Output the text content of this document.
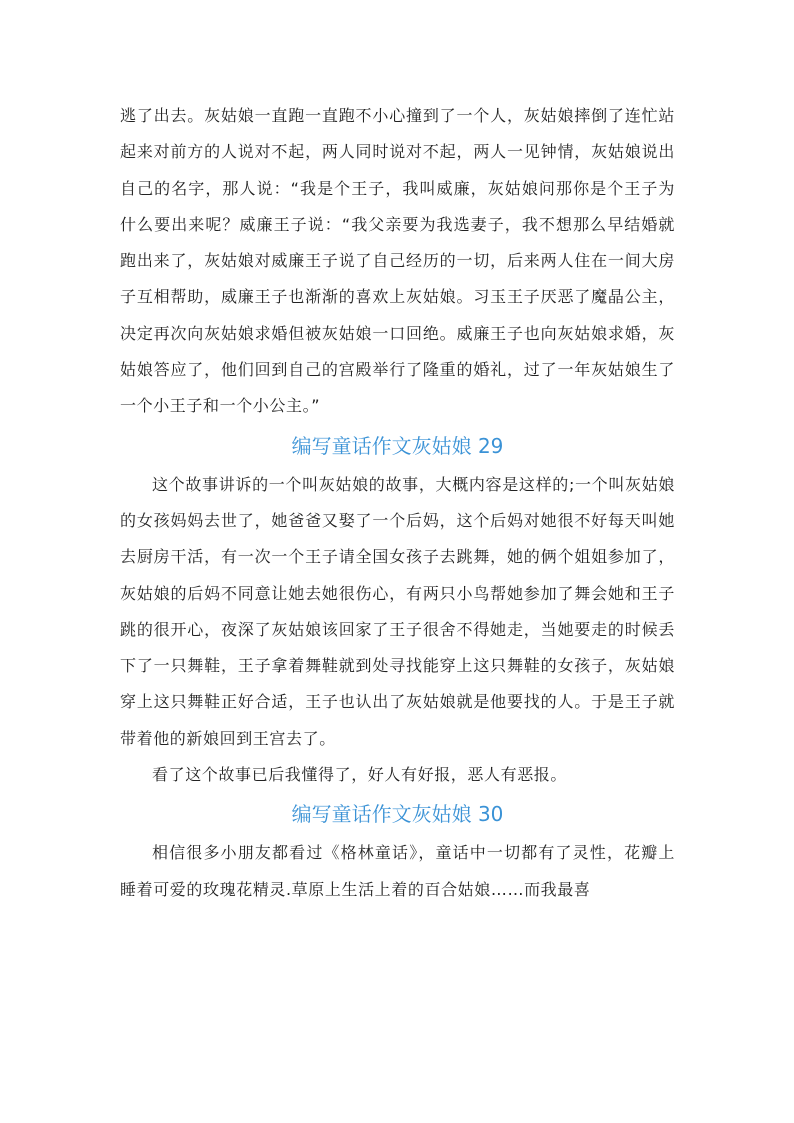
逃了出去。灰姑娘一直跑一直跑不小心撞到了一个人，灰姑娘摔倒了连忙站起来对前方的人说对不起，两人同时说对不起，两人一见钟情，灰姑娘说出自己的名字，那人说：“我是个王子，我叫威廉，灰姑娘问那你是个王子为什么要出来呢？威廉王子说：“我父亲要为我选妻子，我不想那么早结婚就跑出来了，灰姑娘对威廉王子说了自己经历的一切，后来两人住在一间大房子互相帮助，威廉王子也渐渐的喜欢上灰姑娘。习玉王子厌恶了魔晶公主，决定再次向灰姑娘求婚但被灰姑娘一口回绝。威廉王子也向灰姑娘求婚，灰姑娘答应了，他们回到自己的宫殿举行了隆重的婚礼，过了一年灰姑娘生了一个小王子和一个小公主。”

编写童话作文灰姑娘 29

这个故事讲诉的一个叫灰姑娘的故事，大概内容是这样的;一个叫灰姑娘的女孩妈妈去世了，她爸爸又娶了一个后妈，这个后妈对她很不好每天叫她去厨房干活，有一次一个王子请全国女孩子去跳舞，她的俩个姐姐参加了，灰姑娘的后妈不同意让她去她很伤心，有两只小鸟帮她参加了舞会她和王子跳的很开心，夜深了灰姑娘该回家了王子很舍不得她走，当她要走的时候丢下了一只舞鞋，王子拿着舞鞋就到处寻找能穿上这只舞鞋的女孩子，灰姑娘穿上这只舞鞋正好合适，王子也认出了灰姑娘就是他要找的人。于是王子就带着他的新娘回到王宫去了。

看了这个故事已后我懂得了，好人有好报，恶人有恶报。

编写童话作文灰姑娘 30

相信很多小朋友都看过《格林童话》，童话中一切都有了灵性，花瓣上睡着可爱的玫瑰花精灵.草原上生活上着的百合姑娘……而我最喜
